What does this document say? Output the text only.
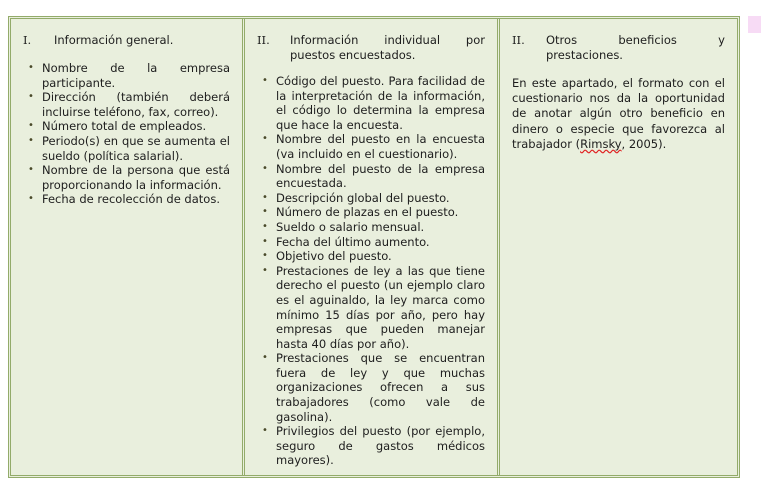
I.	Información general.
• Nombre de la empresa participante.
• Dirección (también deberá incluirse teléfono, fax, correo).
• Número total de empleados.
• Periodo(s) en que se aumenta el sueldo (política salarial).
• Nombre de la persona que está proporcionando la información.
• Fecha de recolección de datos.
II.	Información individual por puestos encuestados.
• Código del puesto. Para facilidad de la interpretación de la información, el código lo determina la empresa que hace la encuesta.
• Nombre del puesto en la encuesta (va incluido en el cuestionario).
• Nombre del puesto de la empresa encuestada.
• Descripción global del puesto.
• Número de plazas en el puesto.
• Sueldo o salario mensual.
• Fecha del último aumento.
• Objetivo del puesto.
• Prestaciones de ley a las que tiene derecho el puesto (un ejemplo claro es el aguinaldo, la ley marca como mínimo 15 días por año, pero hay empresas que pueden manejar hasta 40 días por año).
• Prestaciones que se encuentran fuera de ley y que muchas organizaciones ofrecen a sus trabajadores (como vale de gasolina).
• Privilegios del puesto (por ejemplo, seguro de gastos médicos mayores).
II.	Otros beneficios y prestaciones.

En este apartado, el formato con el cuestionario nos da la oportunidad de anotar algún otro beneficio en dinero o especie que favorezca al trabajador (Rimsky, 2005).
